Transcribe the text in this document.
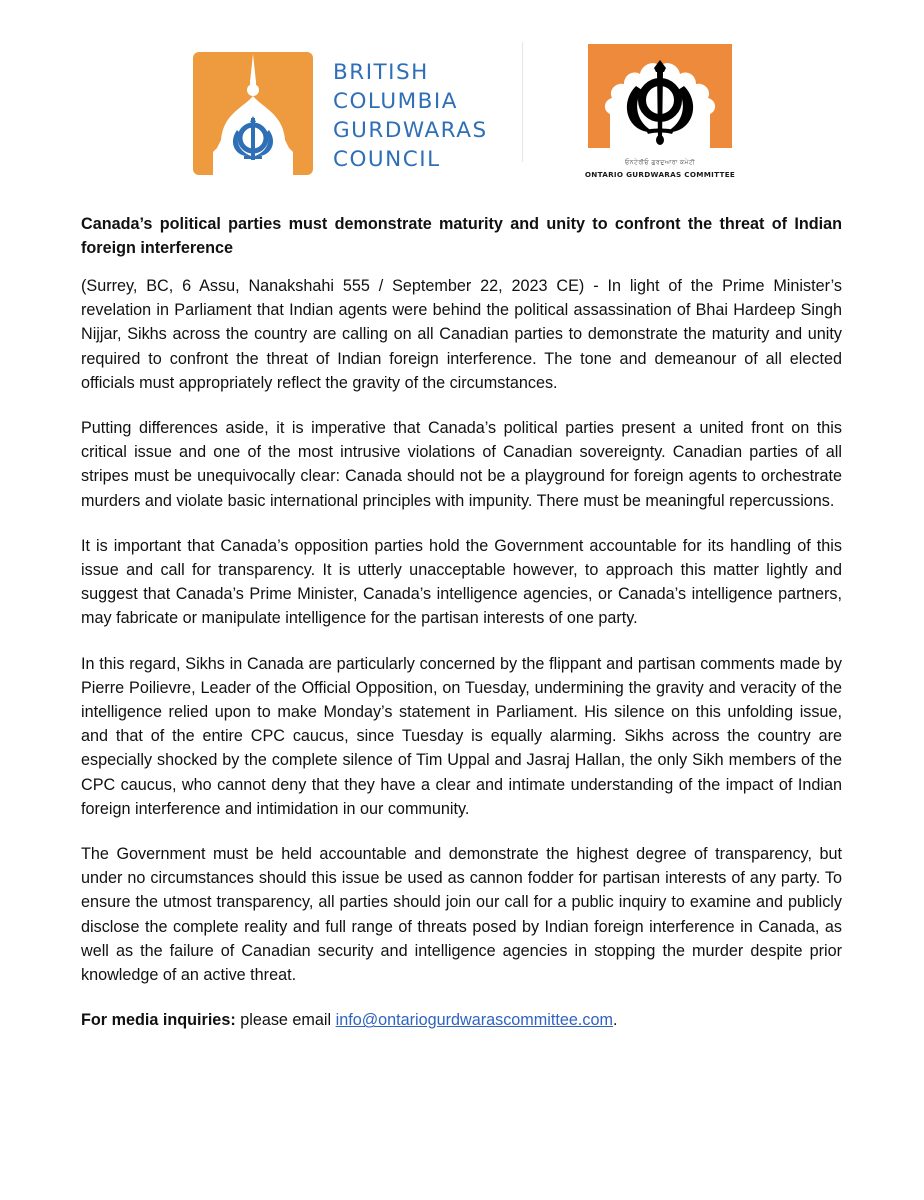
BRITISH
COLUMBIA
GURDWARAS
COUNCIL	ਓਨਟੇਰੀਓ ਗੁਰਦੁਆਰਾ ਕਮੇਟੀ
ONTARIO GURDWARAS COMMITTEE
Canada’s political parties must demonstrate maturity and unity to confront the threat of Indian foreign interference

(Surrey, BC, 6 Assu, Nanakshahi 555 / September 22, 2023 CE) - In light of the Prime Minister’s revelation in Parliament that Indian agents were behind the political assassination of Bhai Hardeep Singh Nijjar, Sikhs across the country are calling on all Canadian parties to demonstrate the maturity and unity required to confront the threat of Indian foreign interference. The tone and demeanour of all elected officials must appropriately reflect the gravity of the circumstances.

Putting differences aside, it is imperative that Canada’s political parties present a united front on this critical issue and one of the most intrusive violations of Canadian sovereignty. Canadian parties of all stripes must be unequivocally clear: Canada should not be a playground for foreign agents to orchestrate murders and violate basic international principles with impunity. There must be meaningful repercussions.

It is important that Canada’s opposition parties hold the Government accountable for its handling of this issue and call for transparency. It is utterly unacceptable however, to approach this matter lightly and suggest that Canada’s Prime Minister, Canada’s intelligence agencies, or Canada’s intelligence partners, may fabricate or manipulate intelligence for the partisan interests of one party.

In this regard, Sikhs in Canada are particularly concerned by the flippant and partisan comments made by Pierre Poilievre, Leader of the Official Opposition, on Tuesday, undermining the gravity and veracity of the intelligence relied upon to make Monday’s statement in Parliament. His silence on this unfolding issue, and that of the entire CPC caucus, since Tuesday is equally alarming. Sikhs across the country are especially shocked by the complete silence of Tim Uppal and Jasraj Hallan, the only Sikh members of the CPC caucus, who cannot deny that they have a clear and intimate understanding of the impact of Indian foreign interference and intimidation in our community.

The Government must be held accountable and demonstrate the highest degree of transparency, but under no circumstances should this issue be used as cannon fodder for partisan interests of any party. To ensure the utmost transparency, all parties should join our call for a public inquiry to examine and publicly disclose the complete reality and full range of threats posed by Indian foreign interference in Canada, as well as the failure of Canadian security and intelligence agencies in stopping the murder despite prior knowledge of an active threat.

For media inquiries: please email info@ontariogurdwarascommittee.com.
